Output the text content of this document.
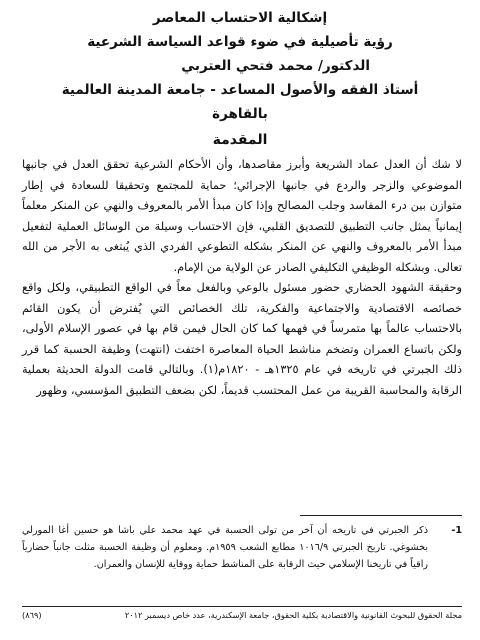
إشكالية الاحتساب المعاصر
رؤية تأصيلية في ضوء قواعد السياسة الشرعية
الدكتور/ محمد فتحي العتربي
أستاذ الفقه والأصول المساعد - جامعة المدينة العالمية
بالقاهرة
المقدمة

لا شك أن العدل عماد الشريعة وأبرز مقاصدها، وأن الأحكام الشرعية تحقق العدل في جانبها الموضوعي والزجر والردع في جانبها الإجرائي؛ حماية للمجتمع وتحقيقا للسعادة في إطار متوازن بين درء المفاسد وجلب المصالح وإذا كان مبدأ الأمر بالمعروف والنهي عن المنكر معلماً إيمانياً يمثل جانب التطبيق للتصديق القلبي، فإن الاحتساب وسيلة من الوسائل العملية لتفعيل مبدأ الأمر بالمعروف والنهي عن المنكر بشكله التطوعي الفردي الذي يُبتغى به الأجر من الله تعالى. وبشكله الوظيفي التكليفي الصادر عن الولاية من الإمام.

وحقيقة الشهود الحضاري حضور مسئول بالوعي وبالفعل معاً في الواقع التطبيقي، ولكل واقع خصائصه الاقتصادية والاجتماعية والفكرية، تلك الخصائص التي يُفترض أن يكون القائم بالاحتساب عالماً بها متمرساً في فهمها كما كان الحال فيمن قام بها في عصور الإسلام الأولى، ولكن باتساع العمران وتضخم مناشط الحياة المعاصرة اختفت (انتهت) وظيفة الحسبة كما قرر ذلك الجبرتي في تاريخه في عام ١٣٢٥هـ - ١٨٢٠م(١). وبالتالي قامت الدولة الحديثة بعملية الرقابة والمحاسبة القريبة من عمل المحتسب قديماً، لكن بضعف التطبيق المؤسسي، وظهور

1-
ذكر الجبرتي في تاريخه أن آخر من تولى الحسبة في عهد محمد علي باشا هو حسين أغا المورلي بخشوغي. تاريخ الجبرتي ١٠١٦/٩ مطابع الشعب ١٩٥٩م. ومعلوم أن وظيفة الحسبة مثلت جانباً حضارياً راقياً في تاريخنا الإسلامي حيث الرقابة على المناشط حماية ووقاية للإنسان والعمران.
(٨٦٩)	مجلة الحقوق للبحوث القانونية والاقتصادية بكلية الحقوق، جامعة الإسكندرية، عدد خاص ديسمبر ٢٠١٢
